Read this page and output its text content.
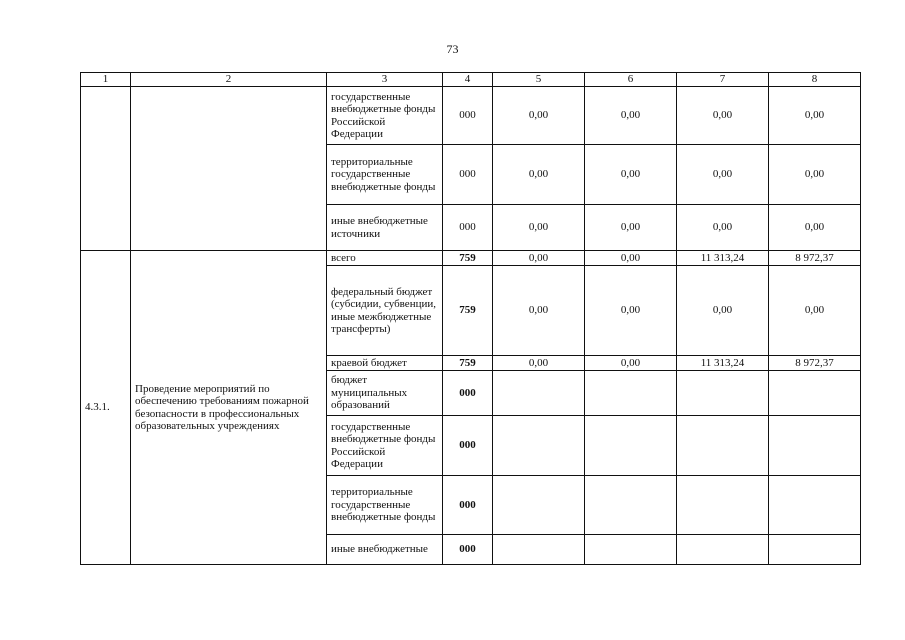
73
1	2	3	4	5	6	7	8
		государственные внебюджетные фонды Российской Федерации	000	0,00	0,00	0,00	0,00
		территориальные государственные внебюджетные фонды	000	0,00	0,00	0,00	0,00
		иные внебюджетные источники	000	0,00	0,00	0,00	0,00
4.3.1.	Проведение мероприятий по обеспечению требованиям пожарной безопасности в профессиональных образовательных учреждениях	всего	759	0,00	0,00	11 313,24	8 972,37
		федеральный бюджет (субсидии, субвенции, иные межбюджетные трансферты)	759	0,00	0,00	0,00	0,00
		краевой бюджет	759	0,00	0,00	11 313,24	8 972,37
		бюджет муниципальных образований	000				
		государственные внебюджетные фонды Российской Федерации	000				
		территориальные государственные внебюджетные фонды	000				
		иные внебюджетные	000				
